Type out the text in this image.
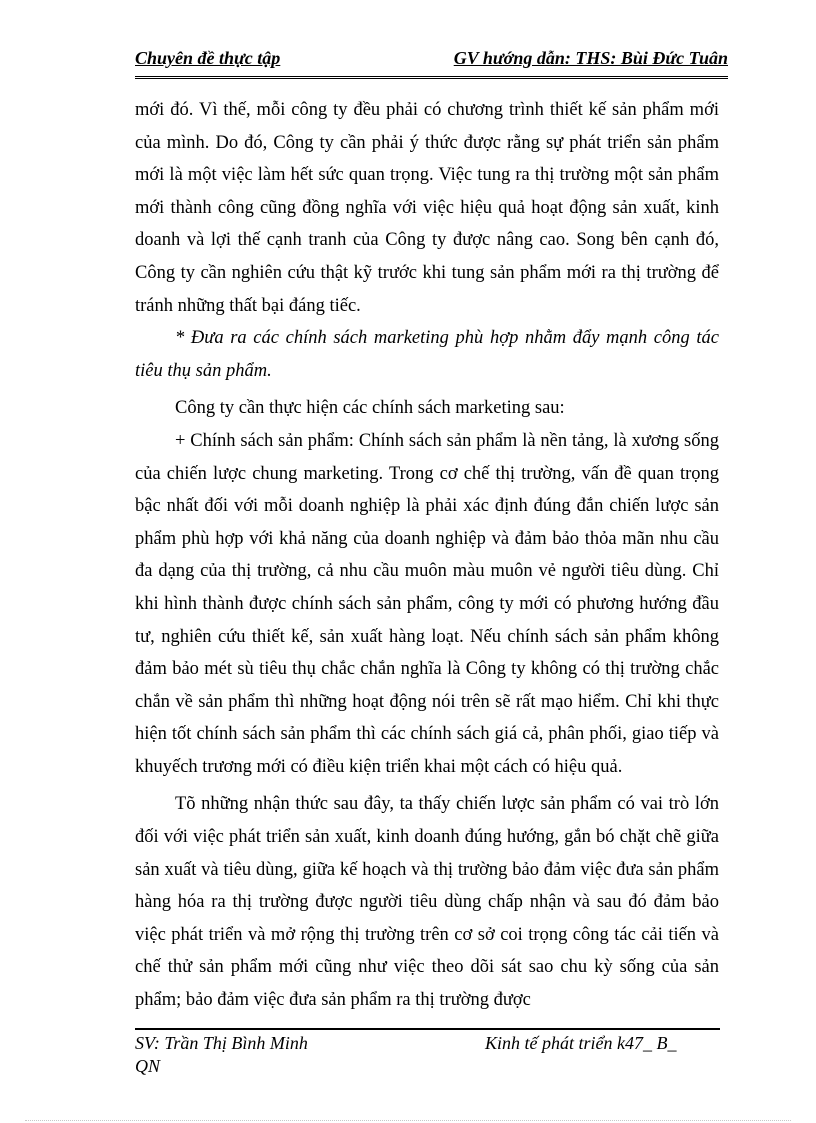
Chuyên đề thực tập	GV hướng dẫn: THS: Bùi Đức Tuân

mới đó. Vì thế, mỗi công ty đều phải có chương trình thiết kế sản phẩm mới của mình. Do đó, Công ty cần phải ý thức được rằng sự phát triển sản phẩm mới là một việc làm hết sức quan trọng. Việc tung ra thị trường một sản phẩm mới thành công cũng đồng nghĩa với việc hiệu quả hoạt động sản xuất, kinh doanh và lợi thế cạnh tranh của Công ty được nâng cao. Song bên cạnh đó, Công ty cần nghiên cứu thật kỹ trước khi tung sản phẩm mới ra thị trường để tránh những thất bại đáng tiếc.

* Đưa ra các chính sách marketing phù hợp nhằm đẩy mạnh công tác tiêu thụ sản phẩm.

Công ty cần thực hiện các chính sách marketing sau:

+ Chính sách sản phẩm: Chính sách sản phẩm là nền tảng, là xương sống của chiến lược chung marketing. Trong cơ chế thị trường, vấn đề quan trọng bậc nhất đối với mỗi doanh nghiệp là phải xác định đúng đắn chiến lược sản phẩm phù hợp với khả năng của doanh nghiệp và đảm bảo thỏa mãn nhu cầu đa dạng của thị trường, cả nhu cầu muôn màu muôn vẻ người tiêu dùng. Chỉ khi hình thành được chính sách sản phẩm, công ty mới có phương hướng đầu tư, nghiên cứu thiết kế, sản xuất hàng loạt. Nếu chính sách sản phẩm không đảm bảo mét sù tiêu thụ chắc chắn nghĩa là Công ty không có thị trường chắc chắn về sản phẩm thì những hoạt động nói trên sẽ rất mạo hiểm. Chỉ khi thực hiện tốt chính sách sản phẩm thì các chính sách giá cả, phân phối, giao tiếp và khuyếch trương mới có điều kiện triển khai một cách có hiệu quả.

Tõ những nhận thức sau đây, ta thấy chiến lược sản phẩm có vai trò lớn đối với việc phát triển sản xuất, kinh doanh đúng hướng, gắn bó chặt chẽ giữa sản xuất và tiêu dùng, giữa kế hoạch và thị trường bảo đảm việc đưa sản phẩm hàng hóa ra thị trường được người tiêu dùng chấp nhận và sau đó đảm bảo việc phát triển và mở rộng thị trường trên cơ sở coi trọng công tác cải tiến và chế thử sản phẩm mới cũng như việc theo dõi sát sao chu kỳ sống của sản phẩm; bảo đảm việc đưa sản phẩm ra thị trường được

SV: Trần Thị Bình Minh	Kinh tế phát triển k47_ B_
QN
